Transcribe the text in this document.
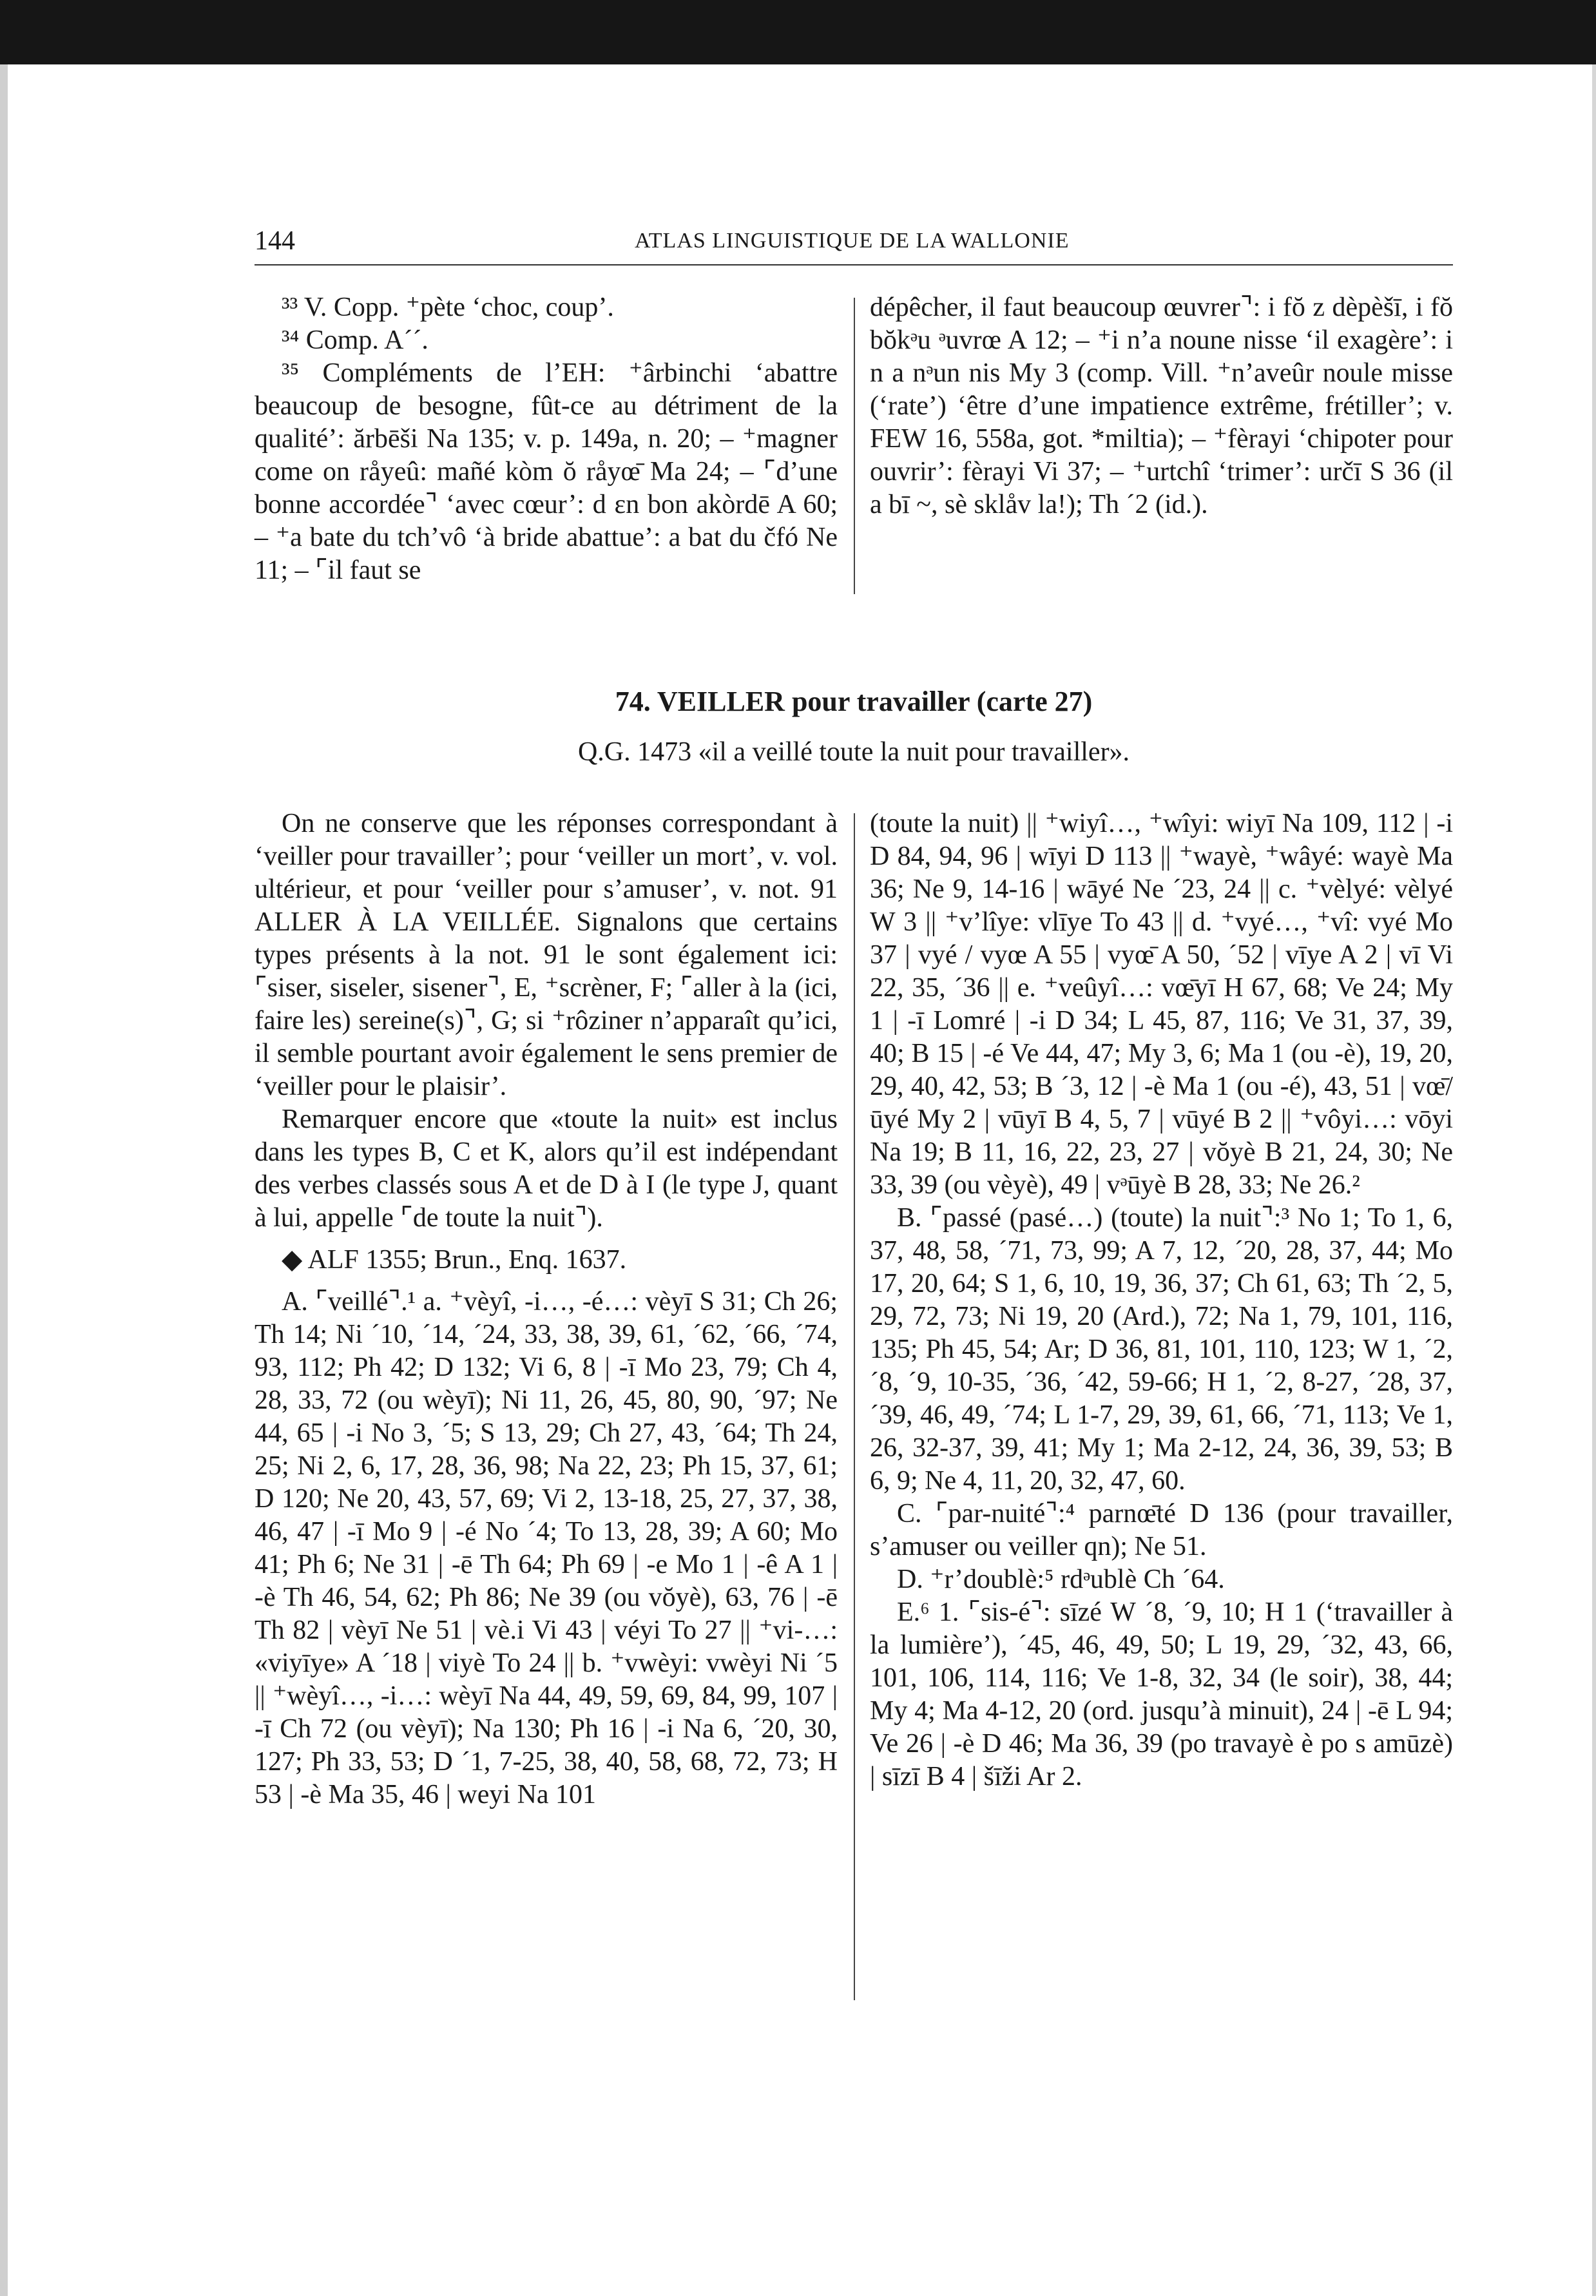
144	ATLAS LINGUISTIQUE DE LA WALLONIE

³³ V. Copp. ⁺pète ‘choc, coup’.

³⁴ Comp. A´´.

³⁵ Compléments de l’EH: ⁺ârbinchi ‘abattre beaucoup de besogne, fût-ce au détriment de la qualité’: ărbēši Na 135; v. p. 149a, n. 20; – ⁺magner come on råyeû: mañé kòm ŏ råyœ̄ Ma 24; – ⌜d’une bonne accordée⌝ ‘avec cœur’: d ɛn bon akòrdē A 60; – ⁺a bate du tch’vô ‘à bride abattue’: a bat du čfó Ne 11; – ⌜il faut se

dépêcher, il faut beaucoup œuvrer⌝: i fŏ z dèpèšī, i fŏ bŏkᵊu ᵊuvrœ A 12; – ⁺i n’a noune nisse ‘il exagère’: i n a nᵊun nis My 3 (comp. Vill. ⁺n’aveûr noule misse (‘rate’) ‘être d’une impatience extrême, frétiller’; v. FEW 16, 558a, got. *miltia); – ⁺fèrayi ‘chipoter pour ouvrir’: fèrayi Vi 37; – ⁺urtchî ‘trimer’: určī S 36 (il a bī ~, sè sklåv la!); Th ´2 (id.).

74. VEILLER pour travailler (carte 27)
Q.G. 1473 «il a veillé toute la nuit pour travailler».

On ne conserve que les réponses correspondant à ‘veiller pour travailler’; pour ‘veiller un mort’, v. vol. ultérieur, et pour ‘veiller pour s’amuser’, v. not. 91 ALLER À LA VEILLÉE. Signalons que certains types présents à la not. 91 le sont également ici: ⌜siser, siseler, sisener⌝, E, ⁺scrèner, F; ⌜aller à la (ici, faire les) sereine(s)⌝, G; si ⁺rôziner n’apparaît qu’ici, il semble pourtant avoir également le sens premier de ‘veiller pour le plaisir’.

Remarquer encore que «toute la nuit» est inclus dans les types B, C et K, alors qu’il est indépendant des verbes classés sous A et de D à I (le type J, quant à lui, appelle ⌜de toute la nuit⌝).

◆ ALF 1355; Brun., Enq. 1637.

A. ⌜veillé⌝.¹ a. ⁺vèyî, -i…, -é…: vèyī S 31; Ch 26; Th 14; Ni ´10, ´14, ´24, 33, 38, 39, 61, ´62, ´66, ´74, 93, 112; Ph 42; D 132; Vi 6, 8 | -ī Mo 23, 79; Ch 4, 28, 33, 72 (ou wèyī); Ni 11, 26, 45, 80, 90, ´97; Ne 44, 65 | -i No 3, ´5; S 13, 29; Ch 27, 43, ´64; Th 24, 25; Ni 2, 6, 17, 28, 36, 98; Na 22, 23; Ph 15, 37, 61; D 120; Ne 20, 43, 57, 69; Vi 2, 13-18, 25, 27, 37, 38, 46, 47 | -ī Mo 9 | -é No ´4; To 13, 28, 39; A 60; Mo 41; Ph 6; Ne 31 | -ē Th 64; Ph 69 | -e Mo 1 | -ê A 1 | -è Th 46, 54, 62; Ph 86; Ne 39 (ou vŏyè), 63, 76 | -ē Th 82 | vèyī Ne 51 | vè.i Vi 43 | véyi To 27 || ⁺vi-…: «viyīye» A ´18 | viyè To 24 || b. ⁺vwèyi: vwèyi Ni ´5 || ⁺wèyî…, -i…: wèyī Na 44, 49, 59, 69, 84, 99, 107 | -ī Ch 72 (ou vèyī); Na 130; Ph 16 | -i Na 6, ´20, 30, 127; Ph 33, 53; D ´1, 7-25, 38, 40, 58, 68, 72, 73; H 53 | -è Ma 35, 46 | weyi Na 101

(toute la nuit) || ⁺wiyî…, ⁺wîyi: wiyī Na 109, 112 | -i D 84, 94, 96 | wīyi D 113 || ⁺wayè, ⁺wâyé: wayè Ma 36; Ne 9, 14-16 | wāyé Ne ´23, 24 || c. ⁺vèlyé: vèlyé W 3 || ⁺v’lîye: vlīye To 43 || d. ⁺vyé…, ⁺vî: vyé Mo 37 | vyé / vyœ A 55 | vyœ̄ A 50, ´52 | vīye A 2 | vī Vi 22, 35, ´36 || e. ⁺veûyî…: vœ̄yī H 67, 68; Ve 24; My 1 | -ī Lomré | -i D 34; L 45, 87, 116; Ve 31, 37, 39, 40; B 15 | -é Ve 44, 47; My 3, 6; Ma 1 (ou -è), 19, 20, 29, 40, 42, 53; B ´3, 12 | -è Ma 1 (ou -é), 43, 51 | vœ̄/ūyé My 2 | vūyī B 4, 5, 7 | vūyé B 2 || ⁺vôyi…: vōyi Na 19; B 11, 16, 22, 23, 27 | vŏyè B 21, 24, 30; Ne 33, 39 (ou vèyè), 49 | vᵊūyè B 28, 33; Ne 26.²

B. ⌜passé (pasé…) (toute) la nuit⌝:³ No 1; To 1, 6, 37, 48, 58, ´71, 73, 99; A 7, 12, ´20, 28, 37, 44; Mo 17, 20, 64; S 1, 6, 10, 19, 36, 37; Ch 61, 63; Th ´2, 5, 29, 72, 73; Ni 19, 20 (Ard.), 72; Na 1, 79, 101, 116, 135; Ph 45, 54; Ar; D 36, 81, 101, 110, 123; W 1, ´2, ´8, ´9, 10-35, ´36, ´42, 59-66; H 1, ´2, 8-27, ´28, 37, ´39, 46, 49, ´74; L 1-7, 29, 39, 61, 66, ´71, 113; Ve 1, 26, 32-37, 39, 41; My 1; Ma 2-12, 24, 36, 39, 53; B 6, 9; Ne 4, 11, 20, 32, 47, 60.

C. ⌜par-nuité⌝:⁴ parnœ̄té D 136 (pour travailler, s’amuser ou veiller qn); Ne 51.

D. ⁺r’doublè:⁵ rdᵊublè Ch ´64.

E.⁶ 1. ⌜sis-é⌝: sīzé W ´8, ´9, 10; H 1 (‘travailler à la lumière’), ´45, 46, 49, 50; L 19, 29, ´32, 43, 66, 101, 106, 114, 116; Ve 1-8, 32, 34 (le soir), 38, 44; My 4; Ma 4-12, 20 (ord. jusqu’à minuit), 24 | -ē L 94; Ve 26 | -è D 46; Ma 36, 39 (po travayè è po s amūzè) | sīzī B 4 | šīži Ar 2.
